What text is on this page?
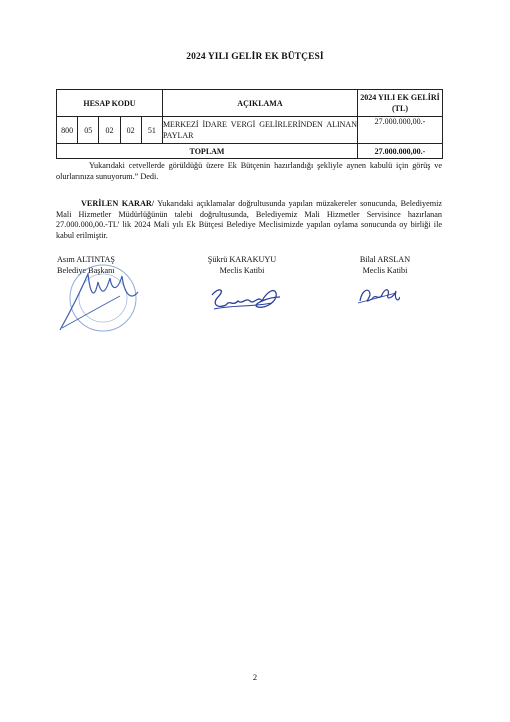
2024 YILI GELİR EK BÜTÇESİ
HESAP KODU					AÇIKLAMA	2024 YILI EK GELİRİ (TL)
800	05	02	02	51	MERKEZİ İDARE VERGİ GELİRLERİNDEN ALINAN PAYLAR	27.000.000,00.-
TOPLAM						27.000.000,00.-
Yukarıdaki cetvellerde görüldüğü üzere Ek Bütçenin hazırlandığı şekliyle aynen kabulü için görüş ve olurlarınıza sunuyorum.” Dedi.
VERİLEN KARAR/ Yukarıdaki açıklamalar doğrultusunda yapılan müzakereler sonucunda, Belediyemiz Mali Hizmetler Müdürlüğünün talebi doğrultusunda, Belediyemiz Mali Hizmetler Servisince hazırlanan 27.000.000,00.-TL’ lik 2024 Mali yılı Ek Bütçesi Belediye Meclisimizde yapılan oylama sonucunda oy birliği ile kabul erilmiştir.
Asım ALTINTAŞ
Belediye Başkanı
Şükrü KARAKUYU
Meclis Katibi
Bilal ARSLAN
Meclis Katibi
2
